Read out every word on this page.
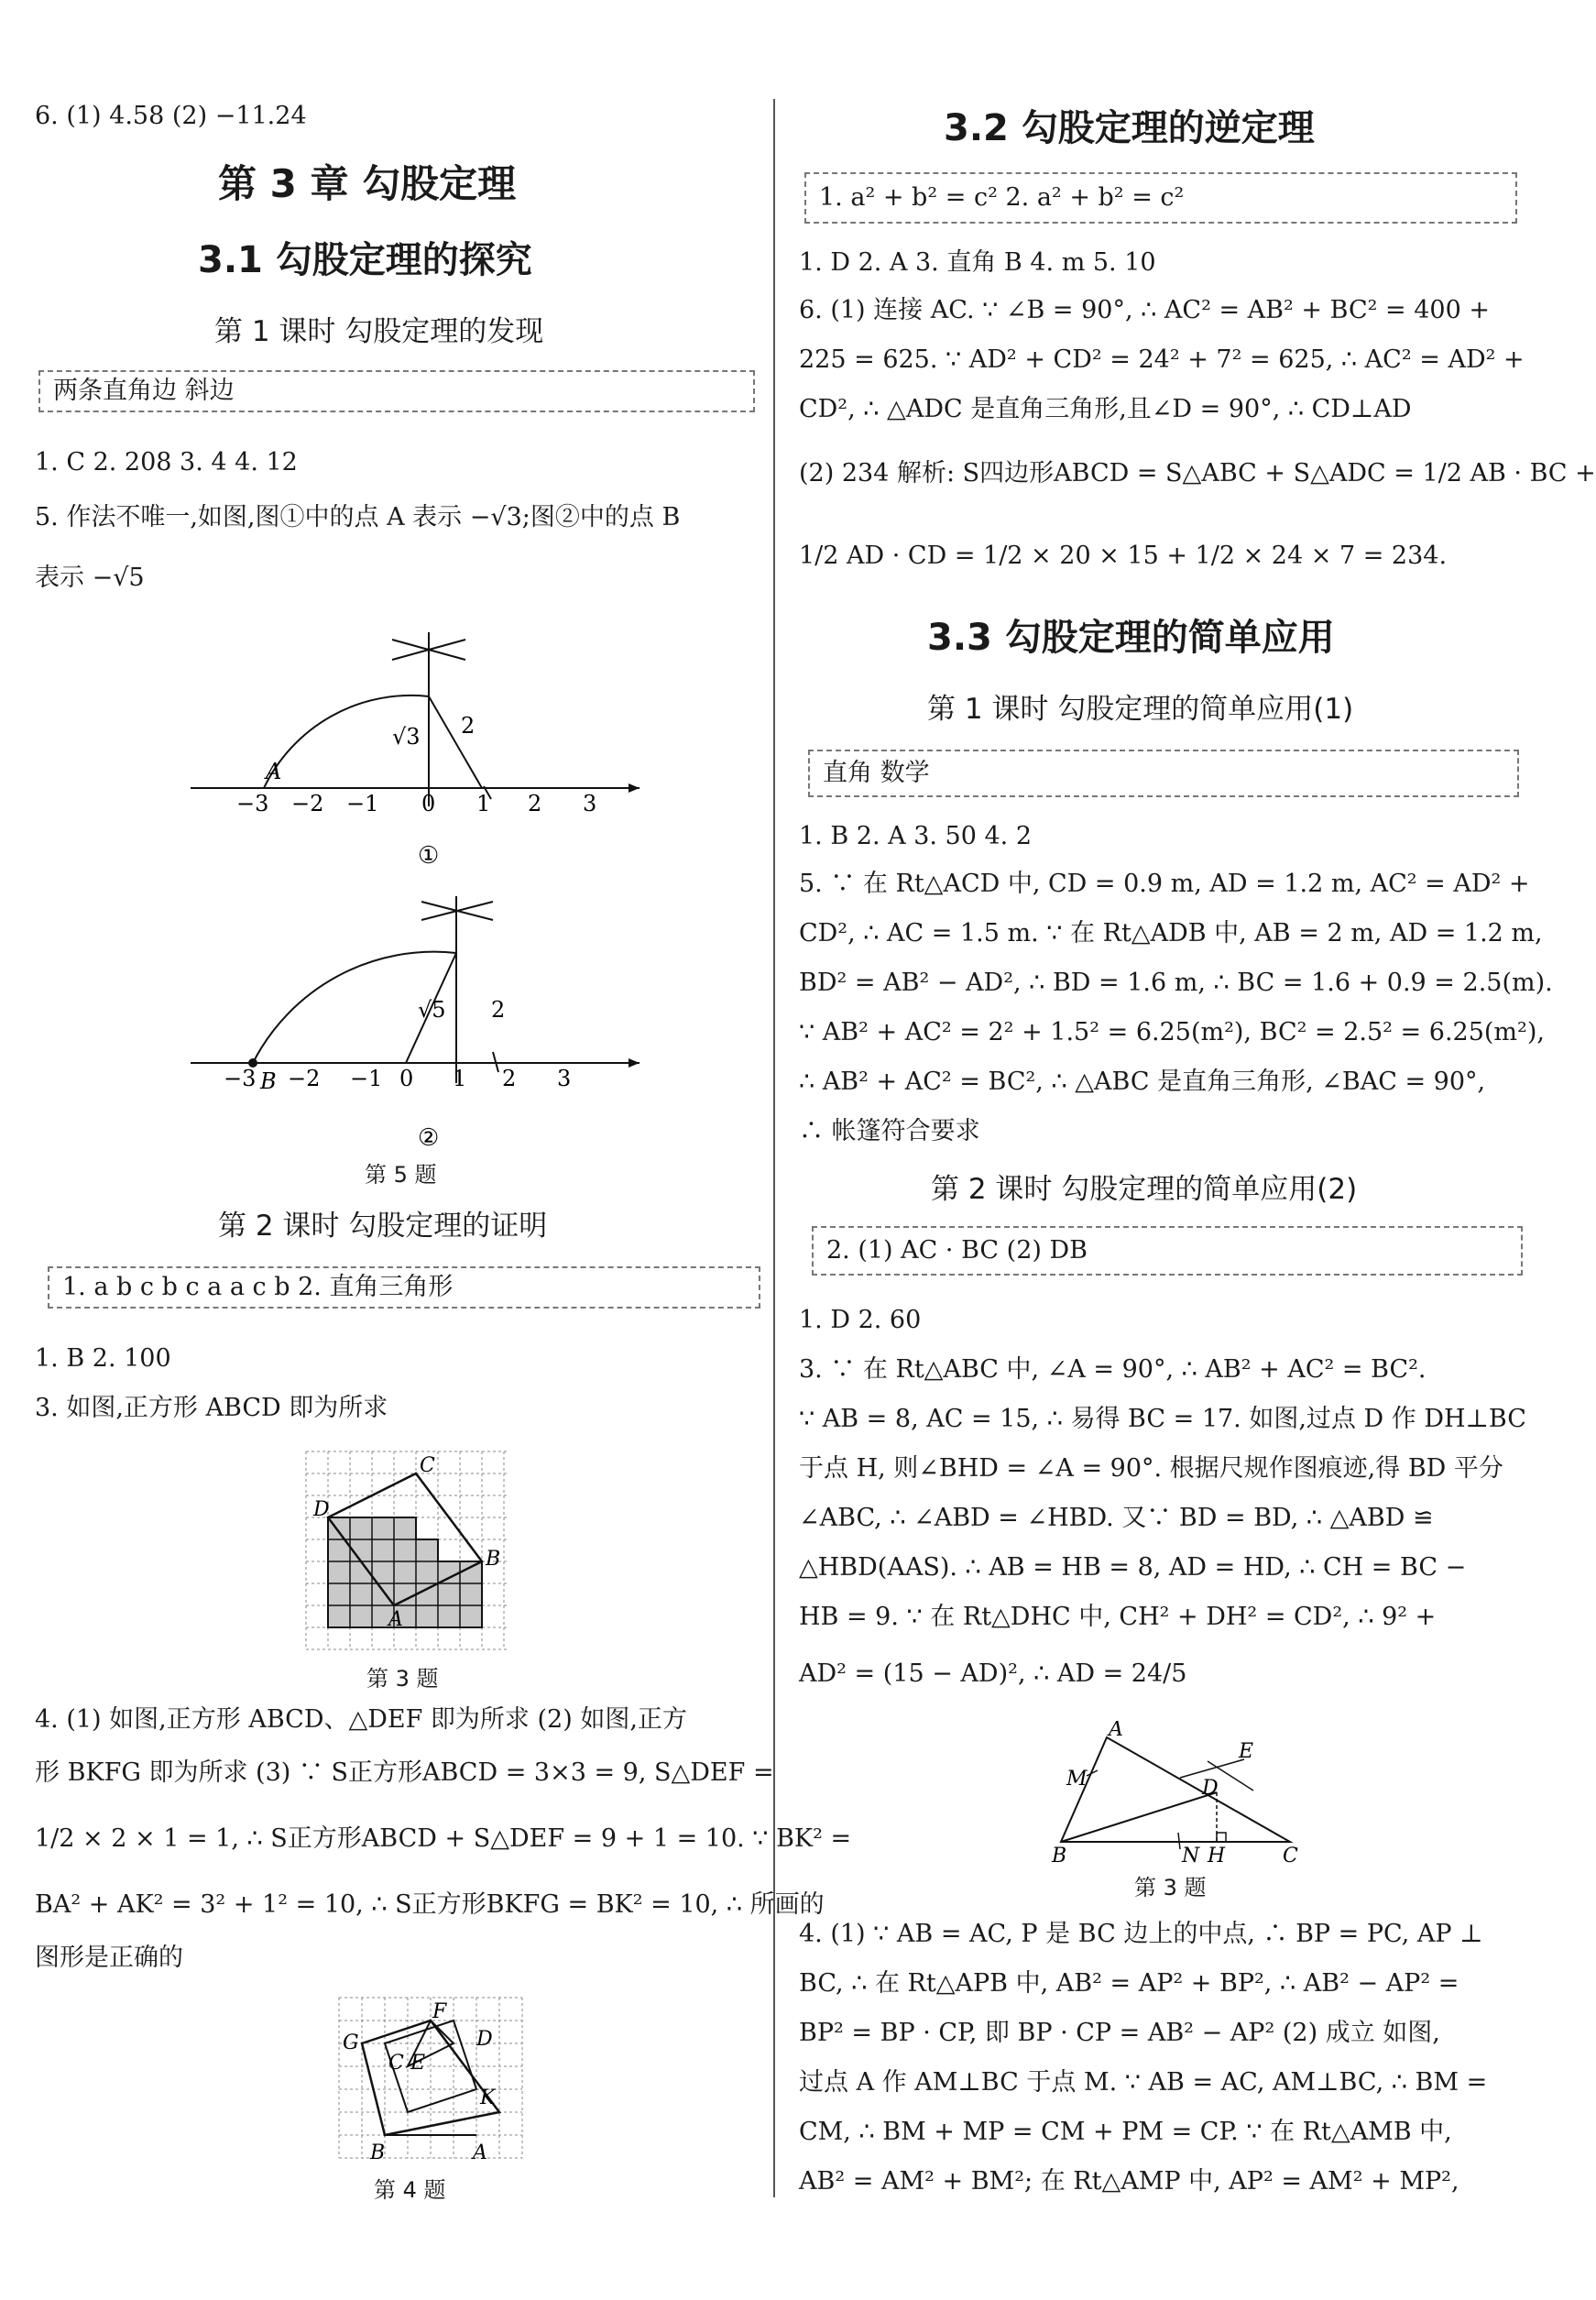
6. (1) 4.58 (2) −11.24
第 3 章 勾股定理
3.1 勾股定理的探究
第 1 课时 勾股定理的发现
两条直角边 斜边
1. C 2. 208 3. 4 4. 12
5. 作法不唯一,如图,图①中的点 A 表示 −√3;图②中的点 B
表示 −√5
−3 −2 −1 0 1 2 3
√3 2
A
①
−3 −2 −1 0 1 2 3
B
√5 2
②
第 5 题
第 2 课时 勾股定理的证明
1. a b c b c a a c b 2. 直角三角形
1. B 2. 100
3. 如图,正方形 ABCD 即为所求
D
C
B
A
第 3 题
4. (1) 如图,正方形 ABCD、△DEF 即为所求 (2) 如图,正方
形 BKFG 即为所求 (3) ∵ S正方形ABCD = 3×3 = 9, S△DEF =
1/2 × 2 × 1 = 1, ∴ S正方形ABCD + S△DEF = 9 + 1 = 10. ∵ BK² =
BA² + AK² = 3² + 1² = 10, ∴ S正方形BKFG = BK² = 10, ∴ 所画的
图形是正确的
G
F
D
C E
K
B	A
第 4 题
3.2 勾股定理的逆定理
1. a² + b² = c² 2. a² + b² = c²
1. D 2. A 3. 直角 B 4. m 5. 10
6. (1) 连接 AC. ∵ ∠B = 90°, ∴ AC² = AB² + BC² = 400 +
225 = 625. ∵ AD² + CD² = 24² + 7² = 625, ∴ AC² = AD² +
CD², ∴ △ADC 是直角三角形,且∠D = 90°, ∴ CD⊥AD
(2) 234 解析: S四边形ABCD = S△ABC + S△ADC = 1/2 AB · BC +
1/2 AD · CD = 1/2 × 20 × 15 + 1/2 × 24 × 7 = 234.
3.3 勾股定理的简单应用
第 1 课时 勾股定理的简单应用(1)
直角 数学
1. B 2. A 3. 50 4. 2
5. ∵ 在 Rt△ACD 中, CD = 0.9 m, AD = 1.2 m, AC² = AD² +
CD², ∴ AC = 1.5 m. ∵ 在 Rt△ADB 中, AB = 2 m, AD = 1.2 m,
BD² = AB² − AD², ∴ BD = 1.6 m, ∴ BC = 1.6 + 0.9 = 2.5(m).
∵ AB² + AC² = 2² + 1.5² = 6.25(m²), BC² = 2.5² = 6.25(m²),
∴ AB² + AC² = BC², ∴ △ABC 是直角三角形, ∠BAC = 90°,
∴ 帐篷符合要求
第 2 课时 勾股定理的简单应用(2)
2. (1) AC · BC (2) DB
1. D 2. 60
3. ∵ 在 Rt△ABC 中, ∠A = 90°, ∴ AB² + AC² = BC².
∵ AB = 8, AC = 15, ∴ 易得 BC = 17. 如图,过点 D 作 DH⊥BC
于点 H, 则∠BHD = ∠A = 90°. 根据尺规作图痕迹,得 BD 平分
∠ABC, ∴ ∠ABD = ∠HBD. 又∵ BD = BD, ∴ △ABD ≌
△HBD(AAS). ∴ AB = HB = 8, AD = HD, ∴ CH = BC −
HB = 9. ∵ 在 Rt△DHC 中, CH² + DH² = CD², ∴ 9² +
AD² = (15 − AD)², ∴ AD = 24/5
A
M	D
E
B	N H	C
第 3 题
4. (1) ∵ AB = AC, P 是 BC 边上的中点, ∴ BP = PC, AP ⊥
BC, ∴ 在 Rt△APB 中, AB² = AP² + BP², ∴ AB² − AP² =
BP² = BP · CP, 即 BP · CP = AB² − AP² (2) 成立 如图,
过点 A 作 AM⊥BC 于点 M. ∵ AB = AC, AM⊥BC, ∴ BM =
CM, ∴ BM + MP = CM + PM = CP. ∵ 在 Rt△AMB 中,
AB² = AM² + BM²; 在 Rt△AMP 中, AP² = AM² + MP²,
